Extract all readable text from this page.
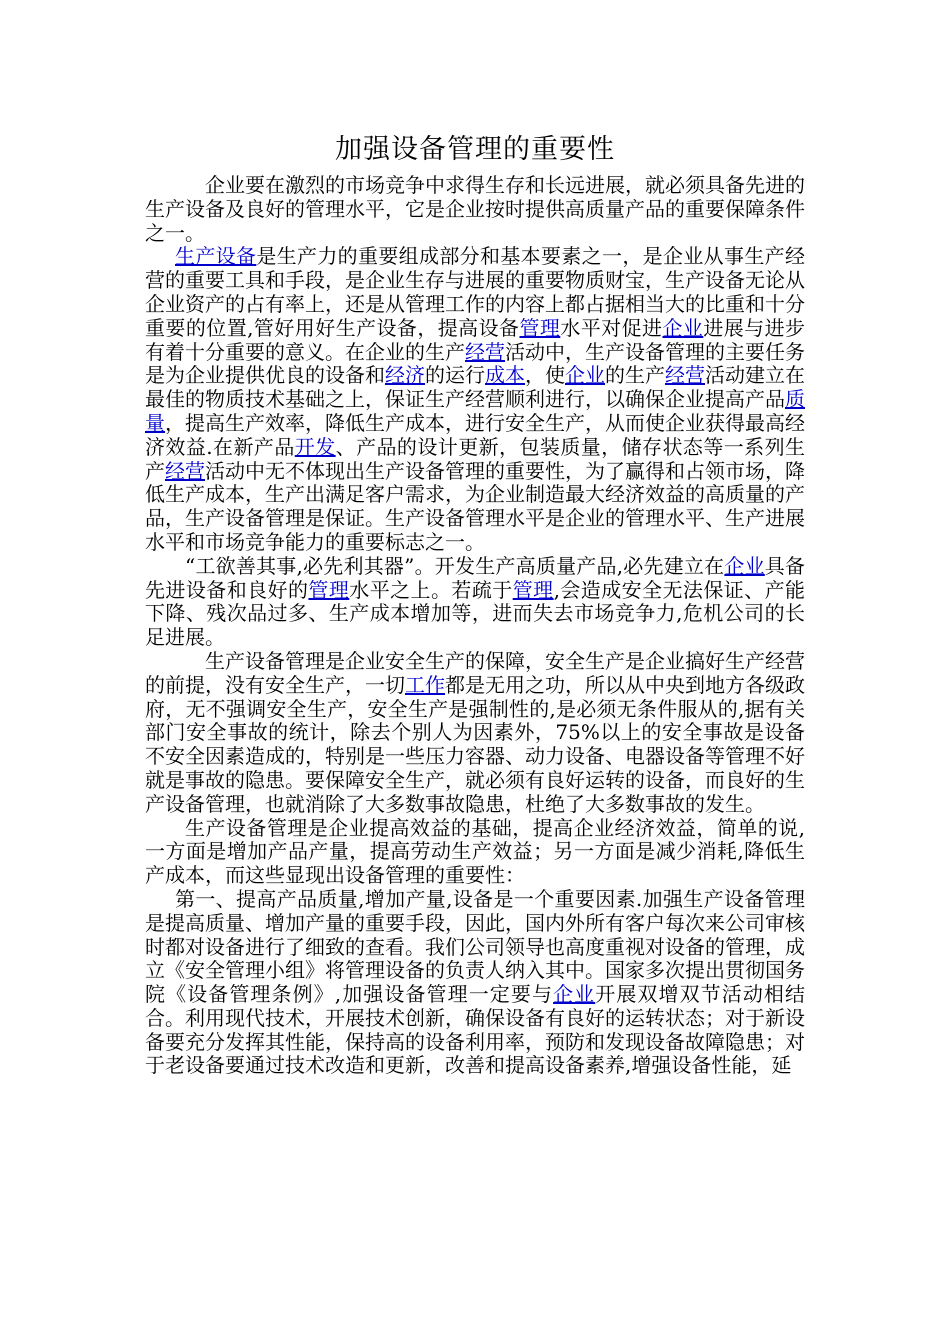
加强设备管理的重要性

企业要在激烈的市场竞争中求得生存和长远进展，就必须具备先进的生产设备及良好的管理水平，它是企业按时提供高质量产品的重要保障条件之一。

生产设备是生产力的重要组成部分和基本要素之一，是企业从事生产经营的重要工具和手段，是企业生存与进展的重要物质财宝，生产设备无论从企业资产的占有率上，还是从管理工作的内容上都占据相当大的比重和十分重要的位置,管好用好生产设备，提高设备管理水平对促进企业进展与进步有着十分重要的意义。在企业的生产经营活动中，生产设备管理的主要任务是为企业提供优良的设备和经济的运行成本，使企业的生产经营活动建立在最佳的物质技术基础之上，保证生产经营顺利进行，以确保企业提高产品质量，提高生产效率，降低生产成本，进行安全生产，从而使企业获得最高经济效益.在新产品开发、产品的设计更新，包装质量，储存状态等一系列生产经营活动中无不体现出生产设备管理的重要性，为了赢得和占领市场，降低生产成本，生产出满足客户需求，为企业制造最大经济效益的高质量的产品，生产设备管理是保证。生产设备管理水平是企业的管理水平、生产进展水平和市场竞争能力的重要标志之一。

“工欲善其事,必先利其器”。开发生产高质量产品,必先建立在企业具备先进设备和良好的管理水平之上。若疏于管理,会造成安全无法保证、产能下降、残次品过多、生产成本增加等，进而失去市场竞争力,危机公司的长足进展。

生产设备管理是企业安全生产的保障，安全生产是企业搞好生产经营的前提，没有安全生产，一切工作都是无用之功，所以从中央到地方各级政府，无不强调安全生产，安全生产是强制性的,是必须无条件服从的,据有关部门安全事故的统计，除去个别人为因素外，75%以上的安全事故是设备不安全因素造成的，特别是一些压力容器、动力设备、电器设备等管理不好就是事故的隐患。要保障安全生产，就必须有良好运转的设备，而良好的生产设备管理，也就消除了大多数事故隐患，杜绝了大多数事故的发生。

生产设备管理是企业提高效益的基础，提高企业经济效益，简单的说,一方面是增加产品产量，提高劳动生产效益；另一方面是减少消耗,降低生产成本，而这些显现出设备管理的重要性：

第一、提高产品质量,增加产量,设备是一个重要因素.加强生产设备管理是提高质量、增加产量的重要手段，因此，国内外所有客户每次来公司审核时都对设备进行了细致的查看。我们公司领导也高度重视对设备的管理，成立《安全管理小组》将管理设备的负责人纳入其中。国家多次提出贯彻国务院《设备管理条例》,加强设备管理一定要与企业开展双增双节活动相结合。利用现代技术，开展技术创新，确保设备有良好的运转状态；对于新设备要充分发挥其性能，保持高的设备利用率，预防和发现设备故障隐患；对于老设备要通过技术改造和更新，改善和提高设备素养,增强设备性能，延
